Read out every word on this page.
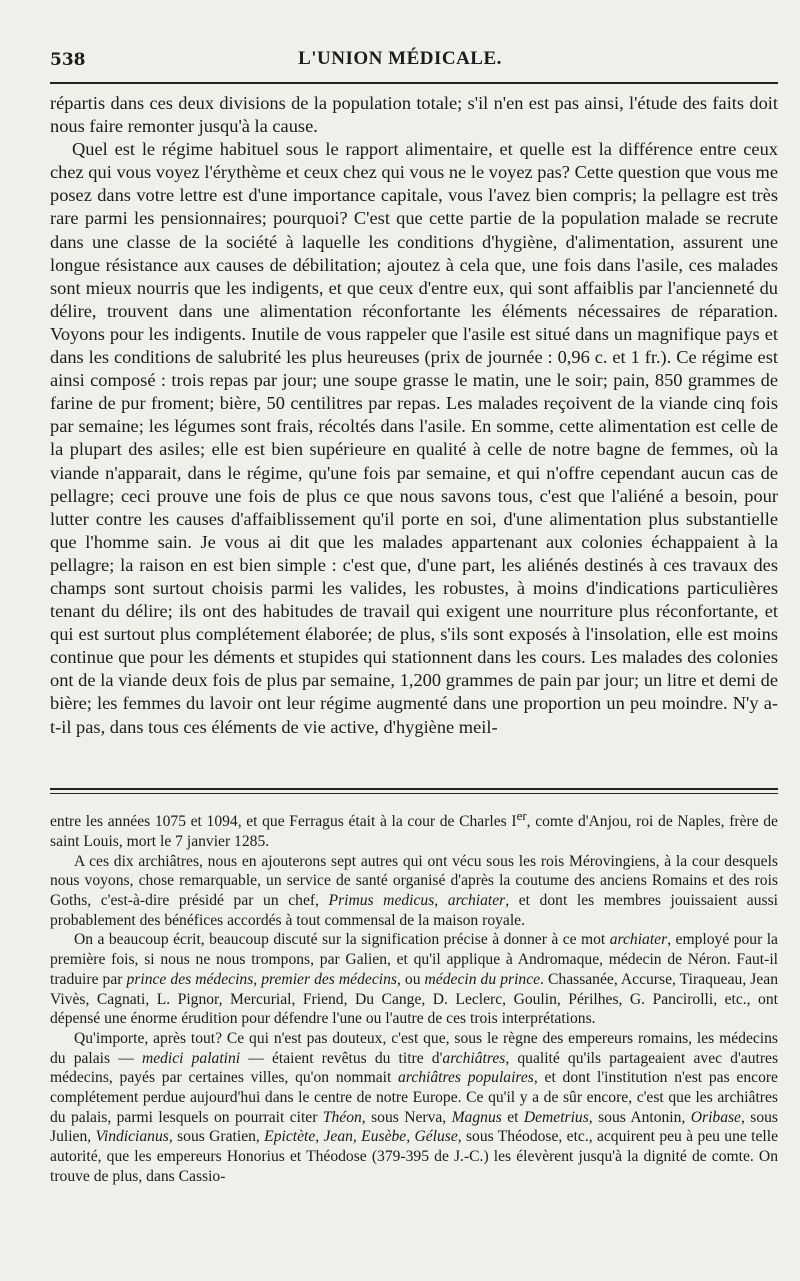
538	L'UNION MÉDICALE.

répartis dans ces deux divisions de la population totale; s'il n'en est pas ainsi, l'étude des faits doit nous faire remonter jusqu'à la cause.

Quel est le régime habituel sous le rapport alimentaire, et quelle est la différence entre ceux chez qui vous voyez l'érythème et ceux chez qui vous ne le voyez pas? Cette question que vous me posez dans votre lettre est d'une importance capitale, vous l'avez bien compris; la pellagre est très rare parmi les pensionnaires; pourquoi? C'est que cette partie de la population malade se recrute dans une classe de la société à laquelle les conditions d'hygiène, d'alimentation, assurent une longue résistance aux causes de débilitation; ajoutez à cela que, une fois dans l'asile, ces malades sont mieux nourris que les indigents, et que ceux d'entre eux, qui sont affaiblis par l'ancienneté du délire, trouvent dans une alimentation réconfortante les éléments nécessaires de réparation. Voyons pour les indigents. Inutile de vous rappeler que l'asile est situé dans un magnifique pays et dans les conditions de salubrité les plus heureuses (prix de journée : 0,96 c. et 1 fr.). Ce régime est ainsi composé : trois repas par jour; une soupe grasse le matin, une le soir; pain, 850 grammes de farine de pur froment; bière, 50 centilitres par repas. Les malades reçoivent de la viande cinq fois par semaine; les légumes sont frais, récoltés dans l'asile. En somme, cette alimentation est celle de la plupart des asiles; elle est bien supérieure en qualité à celle de notre bagne de femmes, où la viande n'apparait, dans le régime, qu'une fois par semaine, et qui n'offre cependant aucun cas de pellagre; ceci prouve une fois de plus ce que nous savons tous, c'est que l'aliéné a besoin, pour lutter contre les causes d'affaiblissement qu'il porte en soi, d'une alimentation plus substantielle que l'homme sain. Je vous ai dit que les malades appartenant aux colonies échappaient à la pellagre; la raison en est bien simple : c'est que, d'une part, les aliénés destinés à ces travaux des champs sont surtout choisis parmi les valides, les robustes, à moins d'indications particulières tenant du délire; ils ont des habitudes de travail qui exigent une nourriture plus réconfortante, et qui est surtout plus complétement élaborée; de plus, s'ils sont exposés à l'insolation, elle est moins continue que pour les déments et stupides qui stationnent dans les cours. Les malades des colonies ont de la viande deux fois de plus par semaine, 1,200 grammes de pain par jour; un litre et demi de bière; les femmes du lavoir ont leur régime augmenté dans une proportion un peu moindre. N'y a-t-il pas, dans tous ces éléments de vie active, d'hygiène meil-

entre les années 1075 et 1094, et que Ferragus était à la cour de Charles Ier, comte d'Anjou, roi de Naples, frère de saint Louis, mort le 7 janvier 1285.

A ces dix archiâtres, nous en ajouterons sept autres qui ont vécu sous les rois Mérovingiens, à la cour desquels nous voyons, chose remarquable, un service de santé organisé d'après la coutume des anciens Romains et des rois Goths, c'est-à-dire présidé par un chef, Primus medicus, archiater, et dont les membres jouissaient aussi probablement des bénéfices accordés à tout commensal de la maison royale.

On a beaucoup écrit, beaucoup discuté sur la signification précise à donner à ce mot archiater, employé pour la première fois, si nous ne nous trompons, par Galien, et qu'il applique à Andromaque, médecin de Néron. Faut-il traduire par prince des médecins, premier des médecins, ou médecin du prince. Chassanée, Accurse, Tiraqueau, Jean Vivès, Cagnati, L. Pignor, Mercurial, Friend, Du Cange, D. Leclerc, Goulin, Périlhes, G. Pancirolli, etc., ont dépensé une énorme érudition pour défendre l'une ou l'autre de ces trois interprétations.

Qu'importe, après tout? Ce qui n'est pas douteux, c'est que, sous le règne des empereurs romains, les médecins du palais — medici palatini — étaient revêtus du titre d'archiâtres, qualité qu'ils partageaient avec d'autres médecins, payés par certaines villes, qu'on nommait archiâtres populaires, et dont l'institution n'est pas encore complétement perdue aujourd'hui dans le centre de notre Europe. Ce qu'il y a de sûr encore, c'est que les archiâtres du palais, parmi lesquels on pourrait citer Théon, sous Nerva, Magnus et Demetrius, sous Antonin, Oribase, sous Julien, Vindicianus, sous Gratien, Epictète, Jean, Eusèbe, Géluse, sous Théodose, etc., acquirent peu à peu une telle autorité, que les empereurs Honorius et Théodose (379-395 de J.-C.) les élevèrent jusqu'à la dignité de comte. On trouve de plus, dans Cassio-
